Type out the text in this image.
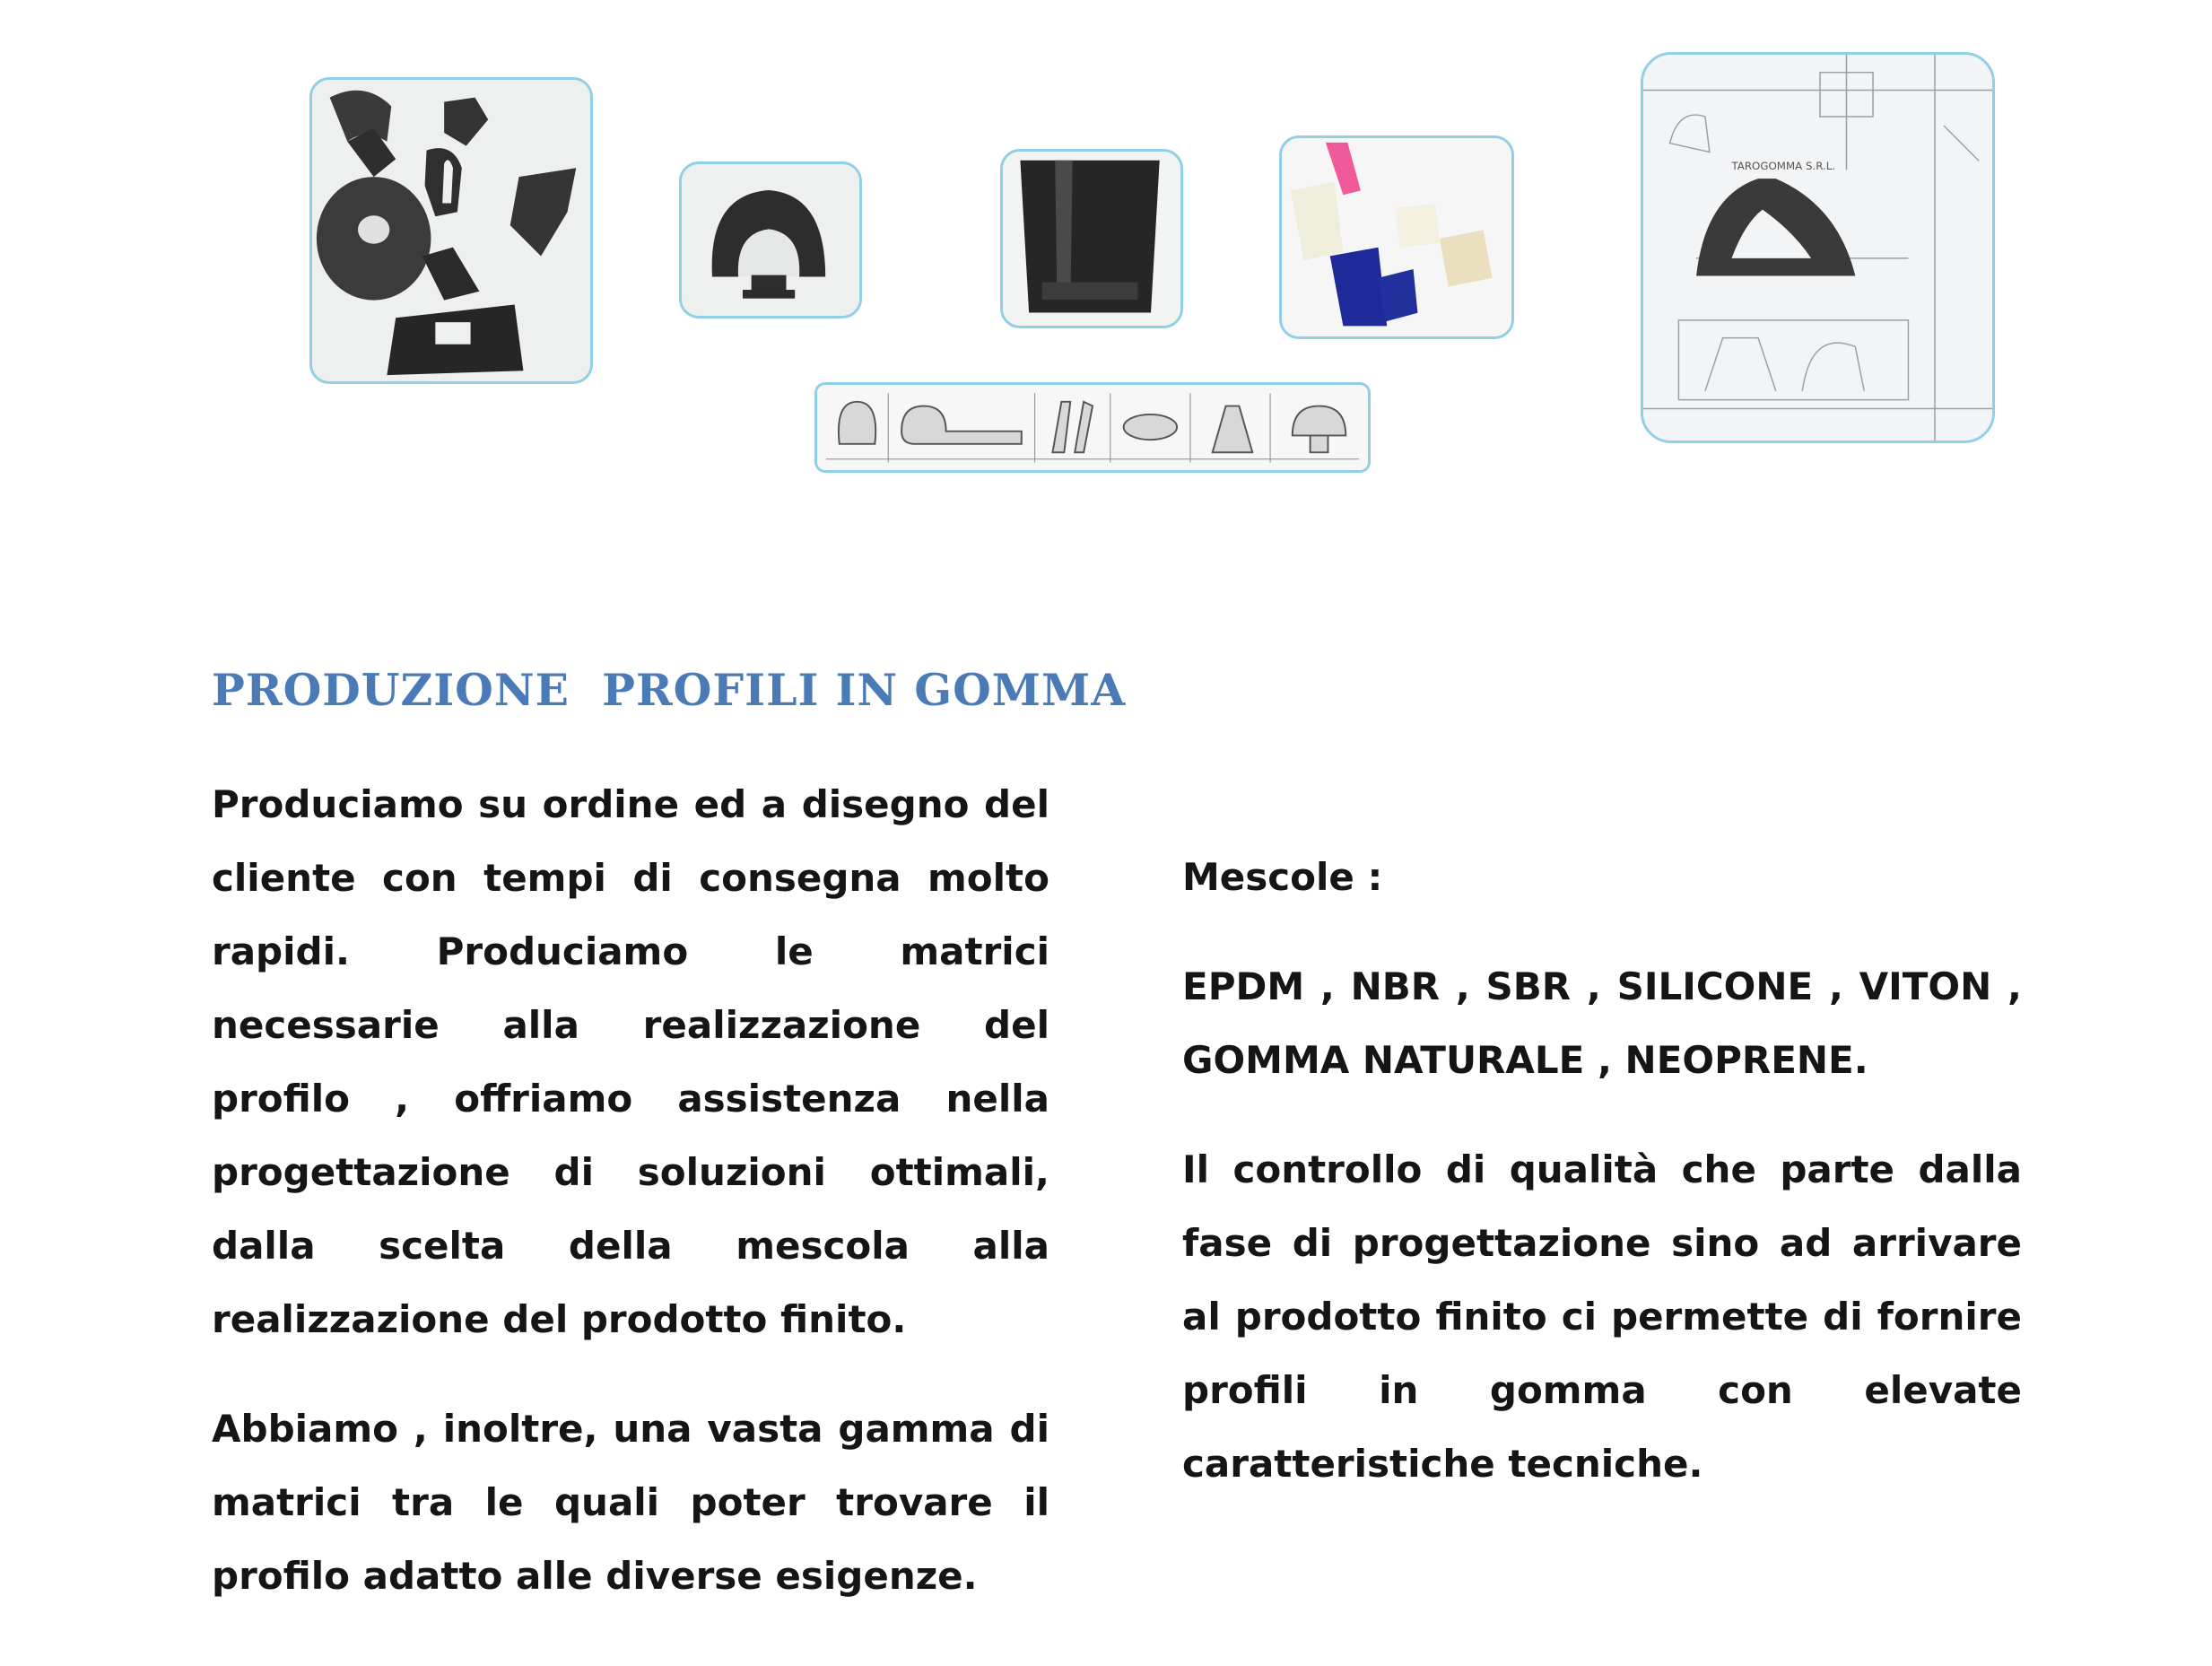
TAROGOMMA S.R.L.
PRODUZIONE  PROFILI IN GOMMA

Produciamo su ordine ed a disegno del cliente con tempi di consegna molto rapidi. Produciamo le matrici necessarie alla realizzazione del profilo , offriamo assistenza nella progettazione di soluzioni ottimali, dalla scelta della mescola alla realizzazione del prodotto finito.

Abbiamo , inoltre, una vasta gamma di matrici tra le quali poter trovare il profilo adatto alle diverse esigenze.

Mescole :

EPDM , NBR , SBR , SILICONE , VITON , GOMMA NATURALE , NEOPRENE.

Il controllo di qualità che parte dalla fase di progettazione sino ad arrivare al prodotto finito ci permette di fornire profili in gomma con elevate caratteristiche tecniche.
